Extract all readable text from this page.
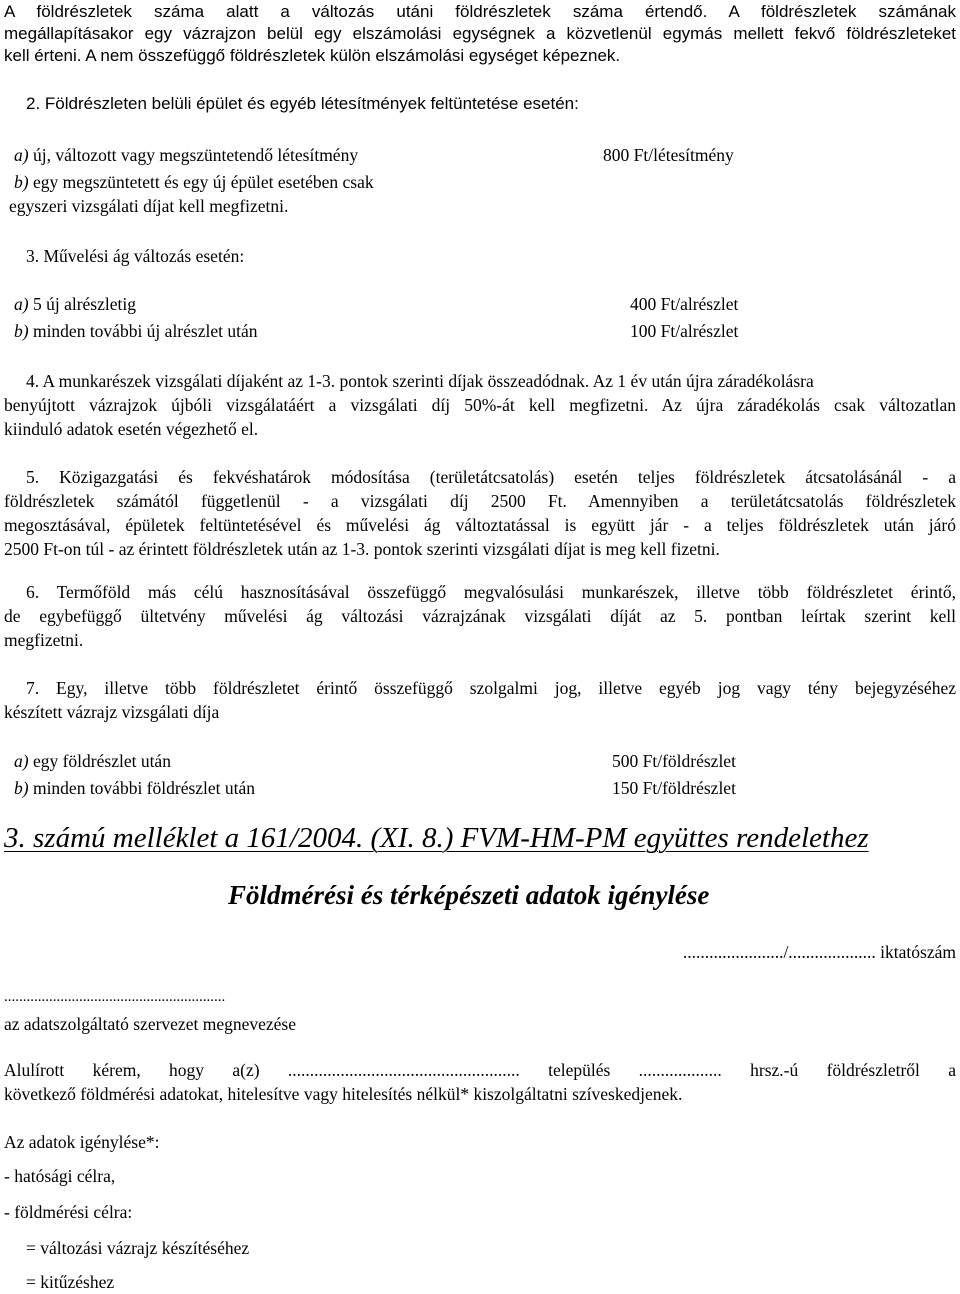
A földrészletek száma alatt a változás utáni földrészletek száma értendő. A földrészletek számának
megállapításakor egy vázrajzon belül egy elszámolási egységnek a közvetlenül egymás mellett fekvő földrészleteket
kell érteni. A nem összefüggő földrészletek külön elszámolási egységet képeznek.
2. Földrészleten belüli épület és egyéb létesítmények feltüntetése esetén:
a) új, változott vagy megszüntetendő létesítmény	800 Ft/létesítmény
b) egy megszüntetett és egy új épület esetében csak
egyszeri vizsgálati díjat kell megfizetni.
3. Művelési ág változás esetén:
a) 5 új alrészletig	400 Ft/alrészlet
b) minden további új alrészlet után	100 Ft/alrészlet
4. A munkarészek vizsgálati díjaként az 1-3. pontok szerinti díjak összeadódnak. Az 1 év után újra záradékolásra
benyújtott vázrajzok újbóli vizsgálatáért a vizsgálati díj 50%-át kell megfizetni. Az újra záradékolás csak változatlan
kiinduló adatok esetén végezhető el.
5. Közigazgatási és fekvéshatárok módosítása (területátcsatolás) esetén teljes földrészletek átcsatolásánál - a
földrészletek számától függetlenül - a vizsgálati díj 2500 Ft. Amennyiben a területátcsatolás földrészletek
megosztásával, épületek feltüntetésével és művelési ág változtatással is együtt jár - a teljes földrészletek után járó
2500 Ft-on túl - az érintett földrészletek után az 1-3. pontok szerinti vizsgálati díjat is meg kell fizetni.
6. Termőföld más célú hasznosításával összefüggő megvalósulási munkarészek, illetve több földrészletet érintő,
de egybefüggő ültetvény művelési ág változási vázrajzának vizsgálati díját az 5. pontban leírtak szerint kell
megfizetni.
7. Egy, illetve több földrészletet érintő összefüggő szolgalmi jog, illetve egyéb jog vagy tény bejegyzéséhez
készített vázrajz vizsgálati díja
a) egy földrészlet után	500 Ft/földrészlet
b) minden további földrészlet után	150 Ft/földrészlet
3. számú melléklet a 161/2004. (XI. 8.) FVM-HM-PM együttes rendelethez
Földmérési és térképészeti adatok igénylése
......................./.................... iktatószám
...........................................................
az adatszolgáltató szervezet megnevezése
Alulírott kérem, hogy a(z) ..................................................... település ................... hrsz.-ú földrészletről a
következő földmérési adatokat, hitelesítve vagy hitelesítés nélkül* kiszolgáltatni szíveskedjenek.
Az adatok igénylése*:
- hatósági célra,
- földmérési célra:
= változási vázrajz készítéséhez
= kitűzéshez
